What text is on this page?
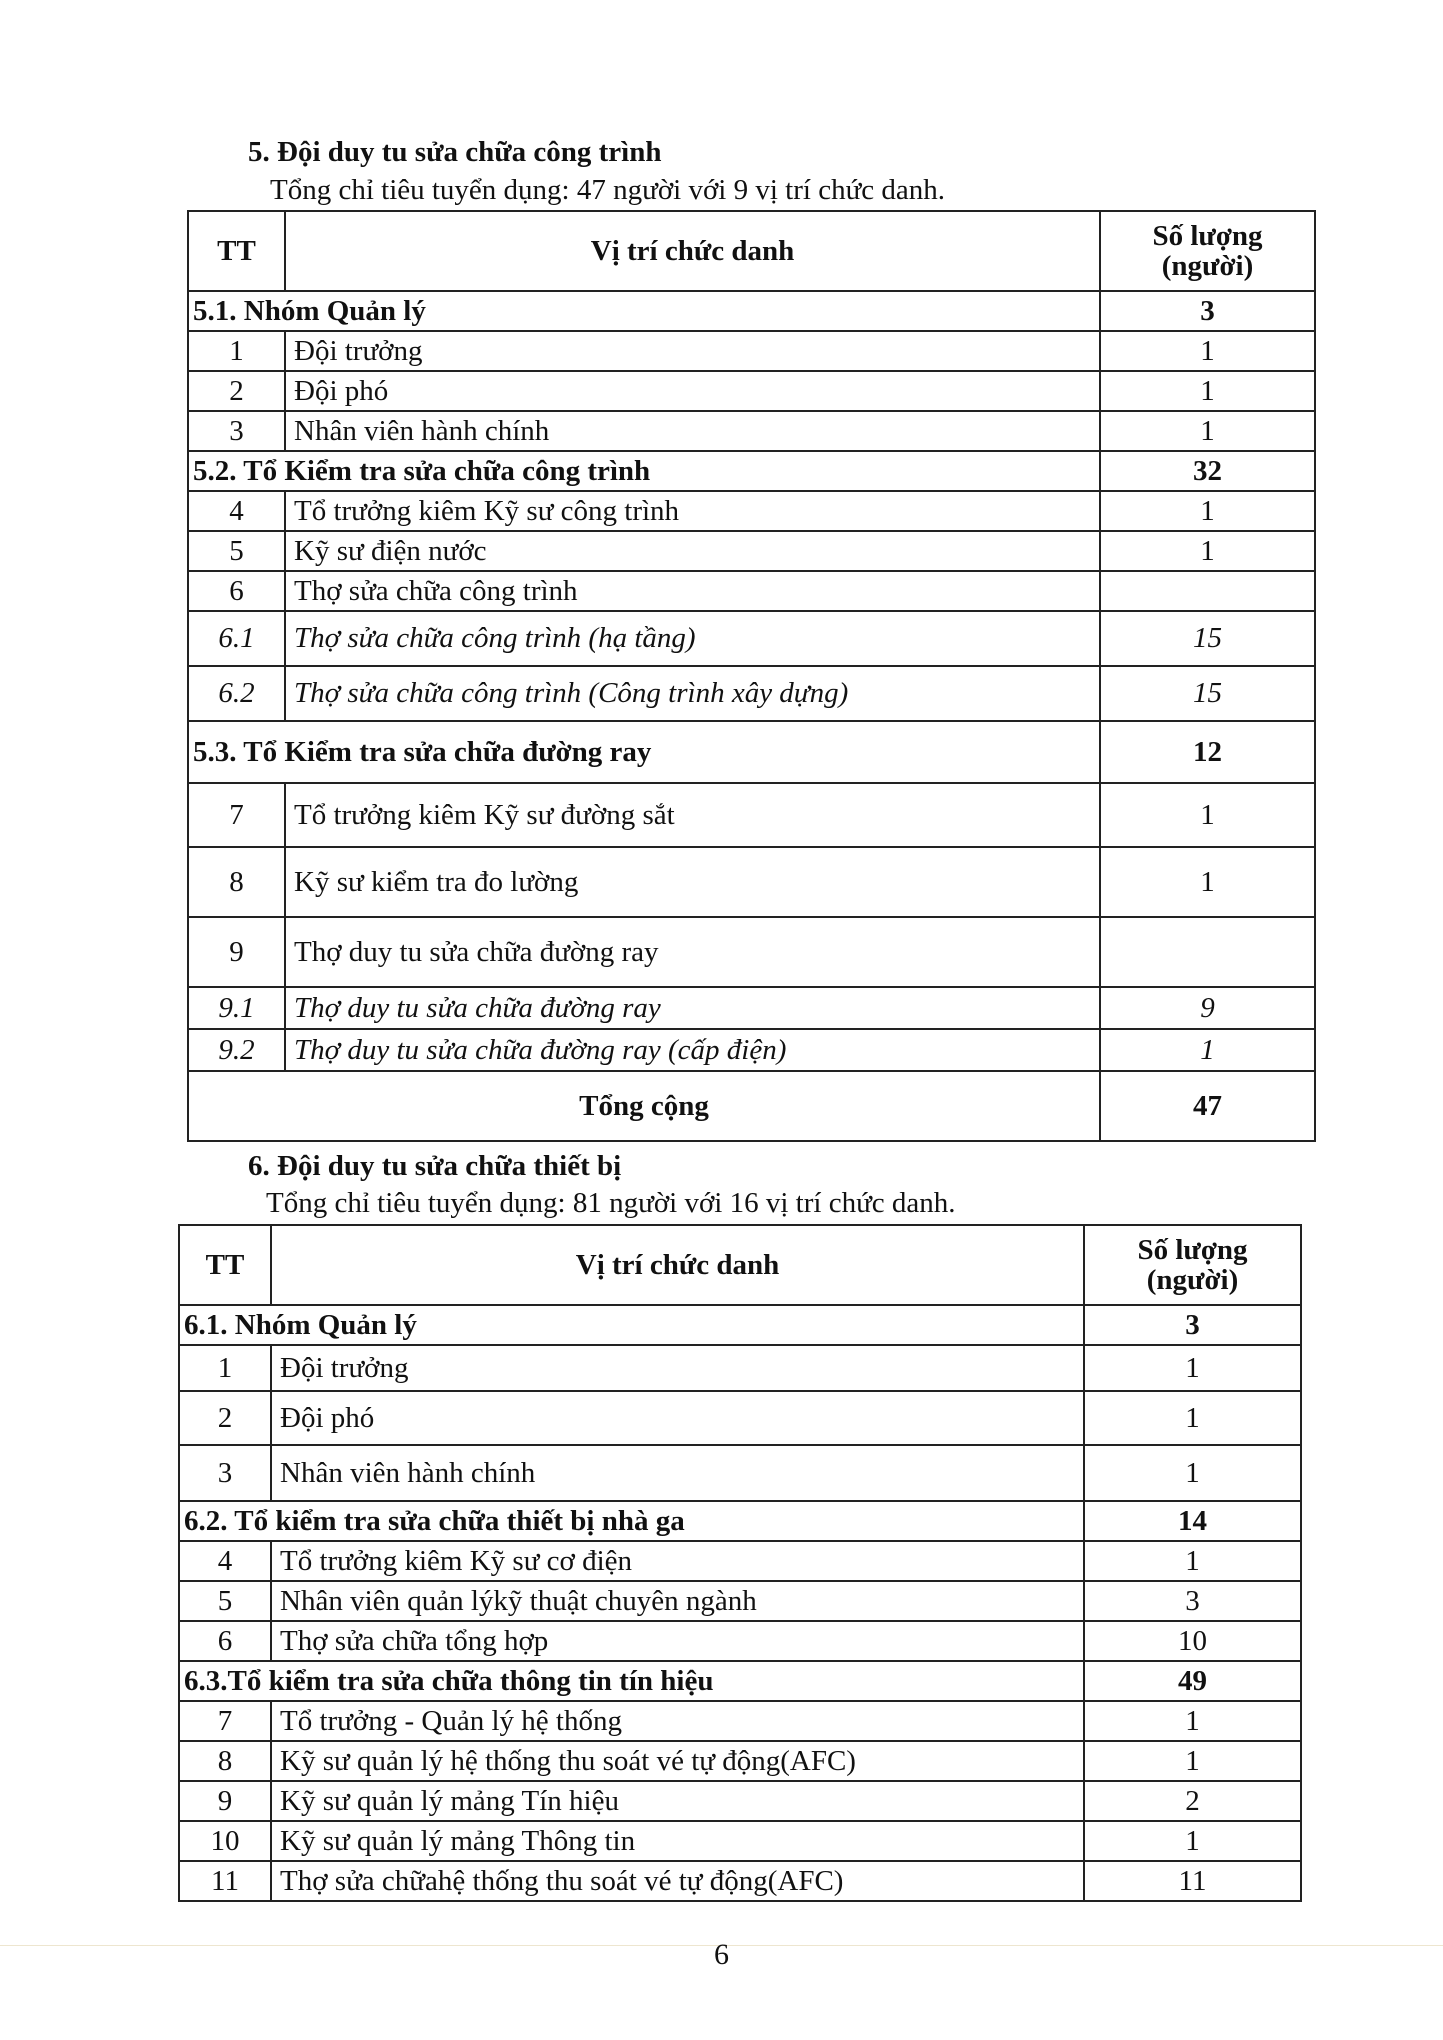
5. Đội duy tu sửa chữa công trình

Tổng chỉ tiêu tuyển dụng: 47 người với 9 vị trí chức danh.

TT	Vị trí chức danh	Số lượng (người)
5.1. Nhóm Quản lý		3
1	Đội trưởng	1
2	Đội phó	1
3	Nhân viên hành chính	1
5.2. Tổ Kiểm tra sửa chữa công trình		32
4	Tổ trưởng kiêm Kỹ sư công trình	1
5	Kỹ sư điện nước	1
6	Thợ sửa chữa công trình	
6.1	Thợ sửa chữa công trình (hạ tầng)	15
6.2	Thợ sửa chữa công trình (Công trình xây dựng)	15
5.3. Tổ Kiểm tra sửa chữa đường ray		12
7	Tổ trưởng kiêm Kỹ sư đường sắt	1
8	Kỹ sư kiểm tra đo lường	1
9	Thợ duy tu sửa chữa đường ray	
9.1	Thợ duy tu sửa chữa đường ray	9
9.2	Thợ duy tu sửa chữa đường ray (cấp điện)	1
Tổng cộng		47

6. Đội duy tu sửa chữa thiết bị

Tổng chỉ tiêu tuyển dụng: 81 người với 16 vị trí chức danh.

TT	Vị trí chức danh	Số lượng (người)
6.1. Nhóm Quản lý		3
1	Đội trưởng	1
2	Đội phó	1
3	Nhân viên hành chính	1
6.2. Tổ kiểm tra sửa chữa thiết bị nhà ga		14
4	Tổ trưởng kiêm Kỹ sư cơ điện	1
5	Nhân viên quản lýkỹ thuật chuyên ngành	3
6	Thợ sửa chữa tổng hợp	10
6.3.Tổ kiểm tra sửa chữa thông tin tín hiệu		49
7	Tổ trưởng - Quản lý hệ thống	1
8	Kỹ sư quản lý hệ thống thu soát vé tự động(AFC)	1
9	Kỹ sư quản lý mảng Tín hiệu	2
10	Kỹ sư quản lý mảng Thông tin	1
11	Thợ sửa chữahệ thống thu soát vé tự động(AFC)	11
6
